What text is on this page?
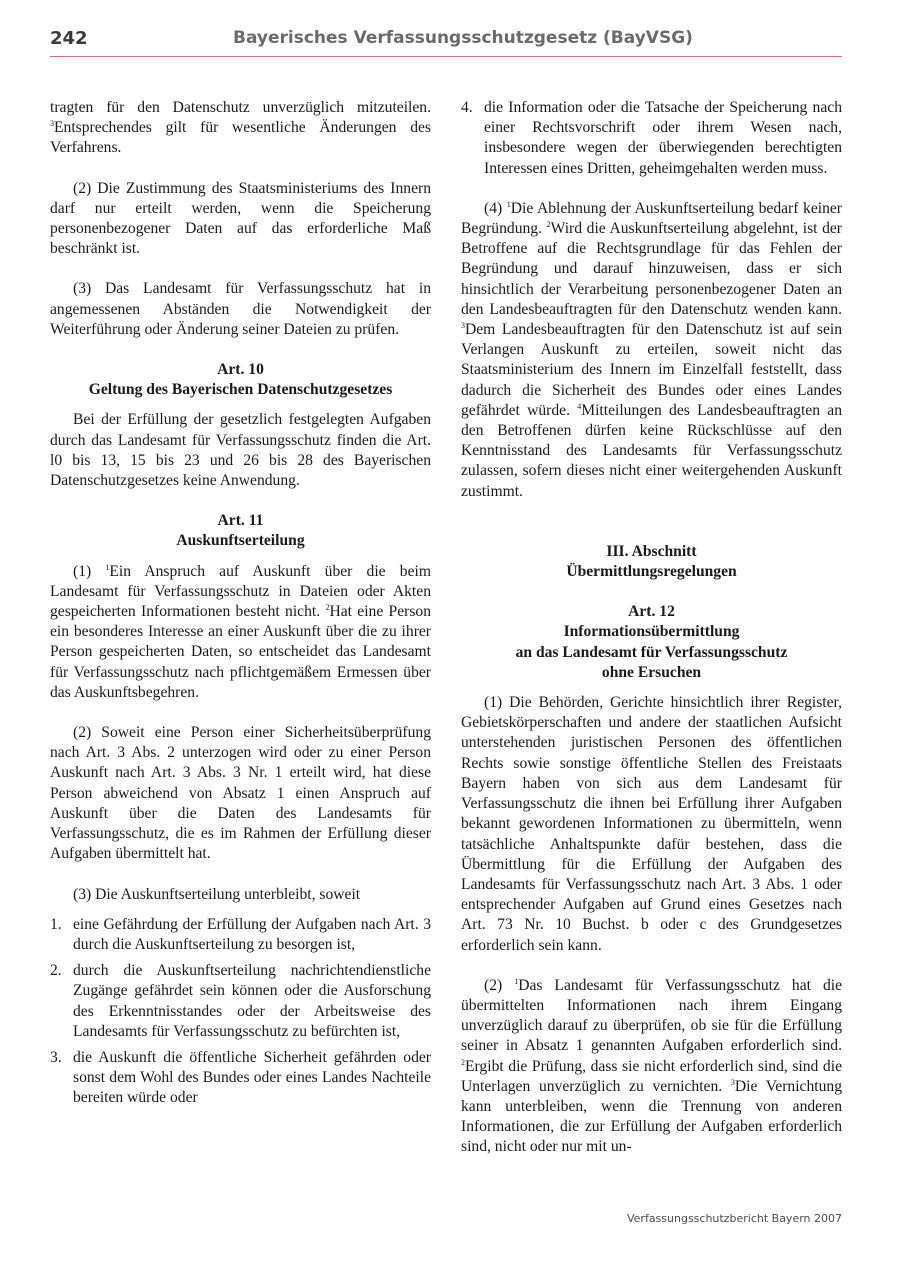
242	Bayerisches Verfassungsschutzgesetz (BayVSG)

tragten für den Datenschutz unverzüglich mitzuteilen. $^3$Entsprechendes gilt für wesentliche Änderungen des Verfahrens.

(2) Die Zustimmung des Staatsministeriums des Innern darf nur erteilt werden, wenn die Speicherung personenbezogener Daten auf das erforderliche Maß beschränkt ist.

(3) Das Landesamt für Verfassungsschutz hat in angemessenen Abständen die Notwendigkeit der Weiterführung oder Änderung seiner Dateien zu prüfen.

Art. 10

Geltung des Bayerischen Datenschutzgesetzes

Bei der Erfüllung der gesetzlich festgelegten Aufgaben durch das Landesamt für Verfassungsschutz finden die Art. l0 bis 13, 15 bis 23 und 26 bis 28 des Bayerischen Datenschutzgesetzes keine Anwendung.

Art. 11

Auskunftserteilung

(1) $^1$Ein Anspruch auf Auskunft über die beim Landesamt für Verfassungsschutz in Dateien oder Akten gespeicherten Informationen besteht nicht. $^2$Hat eine Person ein besonderes Interesse an einer Auskunft über die zu ihrer Person gespeicherten Daten, so entscheidet das Landesamt für Verfassungsschutz nach pflichtgemäßem Ermessen über das Auskunftsbegehren.

(2) Soweit eine Person einer Sicherheitsüberprüfung nach Art. 3 Abs. 2 unterzogen wird oder zu einer Person Auskunft nach Art. 3 Abs. 3 Nr. 1 erteilt wird, hat diese Person abweichend von Absatz 1 einen Anspruch auf Auskunft über die Daten des Landesamts für Verfassungsschutz, die es im Rahmen der Erfüllung dieser Aufgaben übermittelt hat.

(3) Die Auskunftserteilung unterbleibt, soweit

1. eine Gefährdung der Erfüllung der Aufgaben nach Art. 3 durch die Auskunftserteilung zu besorgen ist,
2. durch die Auskunftserteilung nachrichtendienstliche Zugänge gefährdet sein können oder die Ausforschung des Erkenntnisstandes oder der Arbeitsweise des Landesamts für Verfassungsschutz zu befürchten ist,
3. die Auskunft die öffentliche Sicherheit gefährden oder sonst dem Wohl des Bundes oder eines Landes Nachteile bereiten würde oder
4. die Information oder die Tatsache der Speicherung nach einer Rechtsvorschrift oder ihrem Wesen nach, insbesondere wegen der überwiegenden berechtigten Interessen eines Dritten, geheimgehalten werden muss.

(4) $^1$Die Ablehnung der Auskunftserteilung bedarf keiner Begründung. $^2$Wird die Auskunftserteilung abgelehnt, ist der Betroffene auf die Rechtsgrundlage für das Fehlen der Begründung und darauf hinzuweisen, dass er sich hinsichtlich der Verarbeitung personenbezogener Daten an den Landesbeauftragten für den Datenschutz wenden kann. $^3$Dem Landesbeauftragten für den Datenschutz ist auf sein Verlangen Auskunft zu erteilen, soweit nicht das Staatsministerium des Innern im Einzelfall feststellt, dass dadurch die Sicherheit des Bundes oder eines Landes gefährdet würde. $^4$Mitteilungen des Landesbeauftragten an den Betroffenen dürfen keine Rückschlüsse auf den Kenntnisstand des Landesamts für Verfassungsschutz zulassen, sofern dieses nicht einer weitergehenden Auskunft zustimmt.

III. Abschnitt

Übermittlungsregelungen

Art. 12

Informationsübermittlung

an das Landesamt für Verfassungsschutz

ohne Ersuchen

(1) Die Behörden, Gerichte hinsichtlich ihrer Register, Gebietskörperschaften und andere der staatlichen Aufsicht unterstehenden juristischen Personen des öffentlichen Rechts sowie sonstige öffentliche Stellen des Freistaats Bayern haben von sich aus dem Landesamt für Verfassungsschutz die ihnen bei Erfüllung ihrer Aufgaben bekannt gewordenen Informationen zu übermitteln, wenn tatsächliche Anhaltspunkte dafür bestehen, dass die Übermittlung für die Erfüllung der Aufgaben des Landesamts für Verfassungsschutz nach Art. 3 Abs. 1 oder entsprechender Aufgaben auf Grund eines Gesetzes nach Art. 73 Nr. 10 Buchst. b oder c des Grundgesetzes erforderlich sein kann.

(2) $^1$Das Landesamt für Verfassungsschutz hat die übermittelten Informationen nach ihrem Eingang unverzüglich darauf zu überprüfen, ob sie für die Erfüllung seiner in Absatz 1 genannten Aufgaben erforderlich sind. $^2$Ergibt die Prüfung, dass sie nicht erforderlich sind, sind die Unterlagen unverzüglich zu vernichten. $^3$Die Vernichtung kann unterbleiben, wenn die Trennung von anderen Informationen, die zur Erfüllung der Aufgaben erforderlich sind, nicht oder nur mit un-

Verfassungsschutzbericht Bayern 2007
